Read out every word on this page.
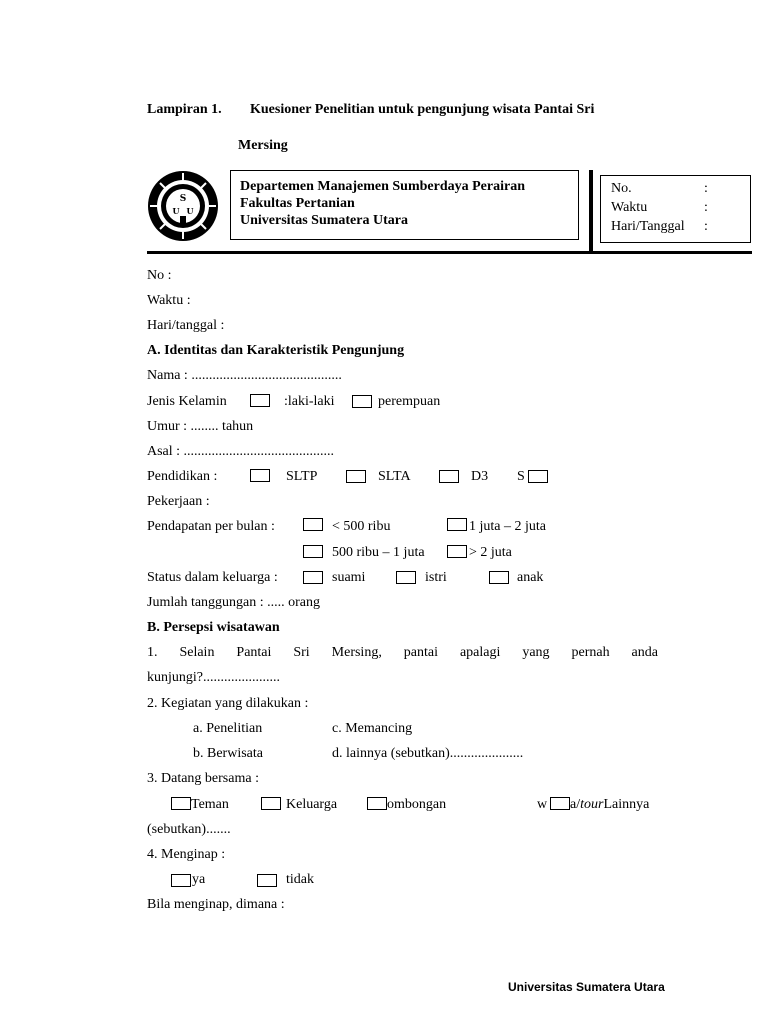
Lampiran 1. Kuesioner Penelitian untuk pengunjung wisata Pantai Sri
Mersing
S
U U
Departemen Manajemen Sumberdaya Perairan
Fakultas Pertanian
Universitas Sumatera Utara
No.	:
Waktu	:
Hari/Tanggal :
No :
Waktu :
Hari/tanggal :
A. Identitas dan Karakteristik Pengunjung
Nama : ...........................................
Jenis Kelamin	:laki-laki	perempuan
Umur : ........ tahun
Asal : ...........................................
Pendidikan :	SLTP	SLTA	D3 S
Pekerjaan :
Pendapatan per bulan :	< 500 ribu	1 juta – 2 juta
500 ribu – 1 juta	> 2 juta
Status dalam keluarga :	suami	istri	anak
Jumlah tanggungan : ..... orang
B. Persepsi wisatawan
1. Selain Pantai Sri Mersing, pantai apalagi yang pernah anda
kunjungi?......................
2. Kegiatan yang dilakukan :
a. Penelitian	c. Memancing
b. Berwisata	d. lainnya (sebutkan).....................
3. Datang bersama :
Teman	Keluarga	ombongan	w a/tourLainnya
(sebutkan).......
4. Menginap :
ya	tidak
Bila menginap, dimana :
Universitas Sumatera Utara
